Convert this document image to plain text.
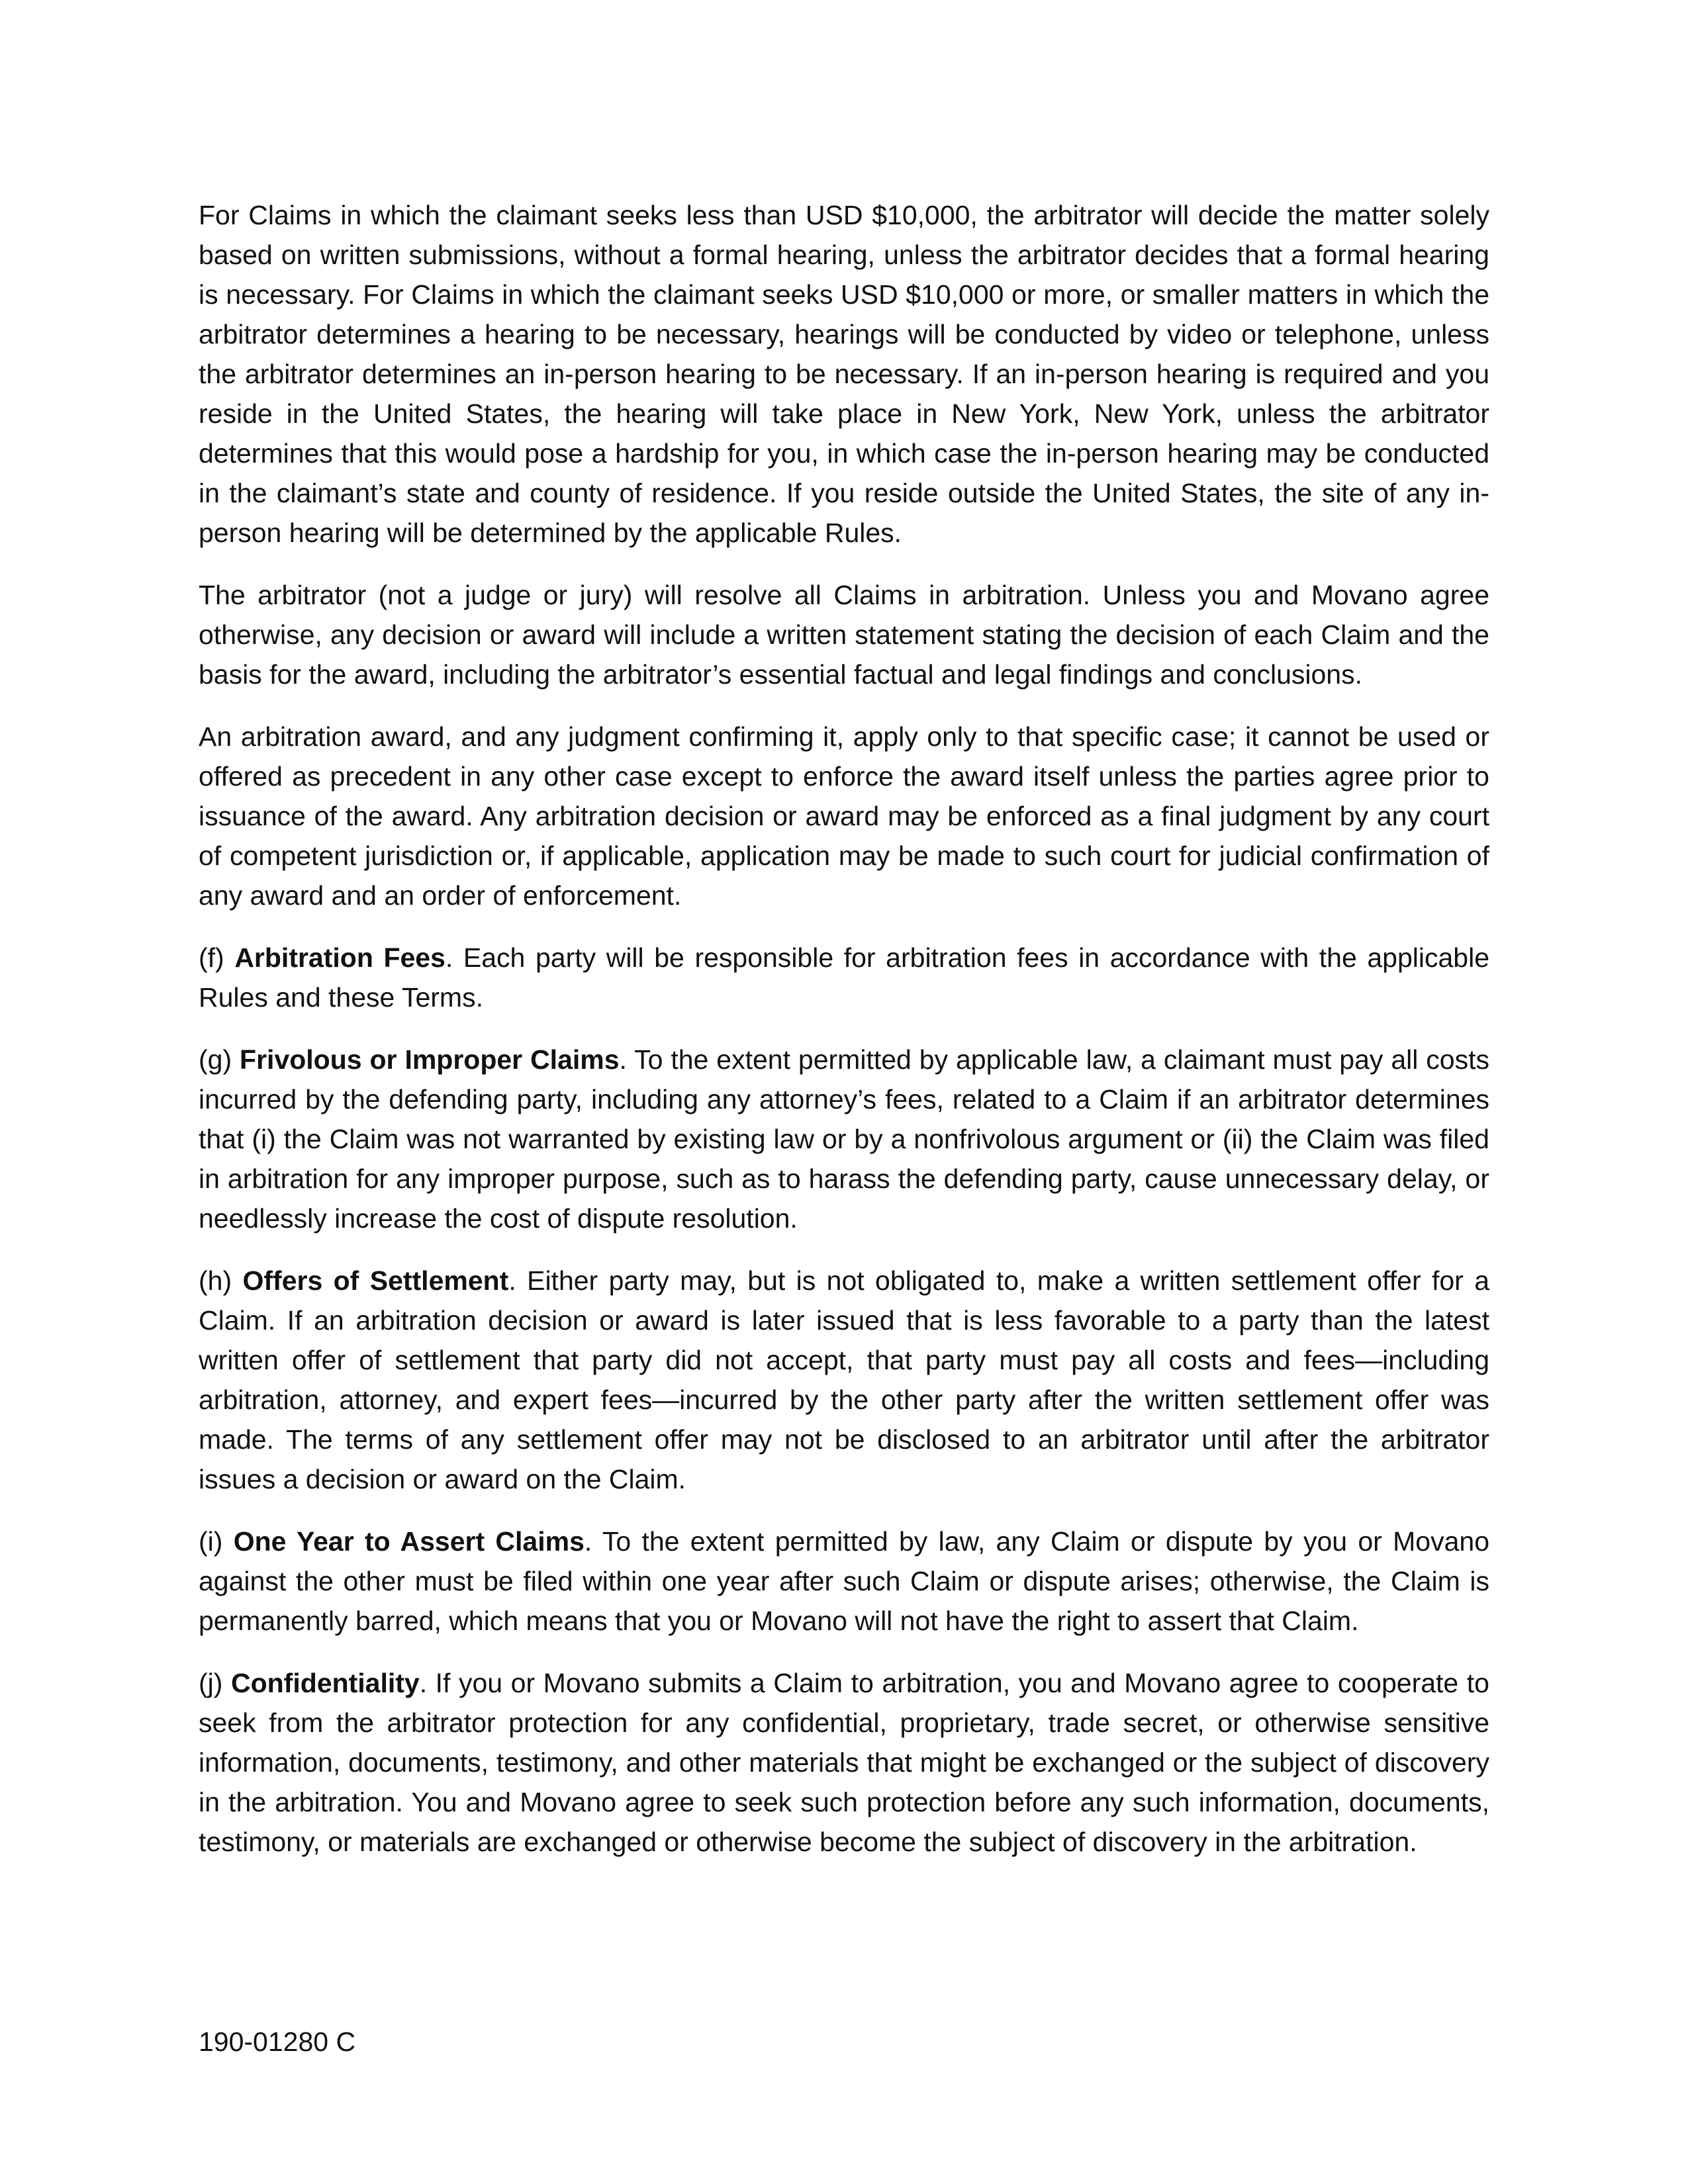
For Claims in which the claimant seeks less than USD $10,000, the arbitrator will decide the matter solely based on written submissions, without a formal hearing, unless the arbitrator decides that a formal hearing is necessary. For Claims in which the claimant seeks USD $10,000 or more, or smaller matters in which the arbitrator determines a hearing to be necessary, hearings will be conducted by video or telephone, unless the arbitrator determines an in-person hearing to be necessary. If an in-person hearing is required and you reside in the United States, the hearing will take place in New York, New York, unless the arbitrator determines that this would pose a hardship for you, in which case the in-person hearing may be conducted in the claimant’s state and county of residence. If you reside outside the United States, the site of any in-person hearing will be determined by the applicable Rules.

The arbitrator (not a judge or jury) will resolve all Claims in arbitration. Unless you and Movano agree otherwise, any decision or award will include a written statement stating the decision of each Claim and the basis for the award, including the arbitrator’s essential factual and legal findings and conclusions.

An arbitration award, and any judgment confirming it, apply only to that specific case; it cannot be used or offered as precedent in any other case except to enforce the award itself unless the parties agree prior to issuance of the award. Any arbitration decision or award may be enforced as a final judgment by any court of competent jurisdiction or, if applicable, application may be made to such court for judicial confirmation of any award and an order of enforcement.

(f) Arbitration Fees. Each party will be responsible for arbitration fees in accordance with the applicable Rules and these Terms.

(g) Frivolous or Improper Claims. To the extent permitted by applicable law, a claimant must pay all costs incurred by the defending party, including any attorney’s fees, related to a Claim if an arbitrator determines that (i) the Claim was not warranted by existing law or by a nonfrivolous argument or (ii) the Claim was filed in arbitration for any improper purpose, such as to harass the defending party, cause unnecessary delay, or needlessly increase the cost of dispute resolution.

(h) Offers of Settlement. Either party may, but is not obligated to, make a written settlement offer for a Claim. If an arbitration decision or award is later issued that is less favorable to a party than the latest written offer of settlement that party did not accept, that party must pay all costs and fees—including arbitration, attorney, and expert fees—incurred by the other party after the written settlement offer was made. The terms of any settlement offer may not be disclosed to an arbitrator until after the arbitrator issues a decision or award on the Claim.

(i) One Year to Assert Claims. To the extent permitted by law, any Claim or dispute by you or Movano against the other must be filed within one year after such Claim or dispute arises; otherwise, the Claim is permanently barred, which means that you or Movano will not have the right to assert that Claim.

(j) Confidentiality. If you or Movano submits a Claim to arbitration, you and Movano agree to cooperate to seek from the arbitrator protection for any confidential, proprietary, trade secret, or otherwise sensitive information, documents, testimony, and other materials that might be exchanged or the subject of discovery in the arbitration. You and Movano agree to seek such protection before any such information, documents, testimony, or materials are exchanged or otherwise become the subject of discovery in the arbitration.

190-01280 C
